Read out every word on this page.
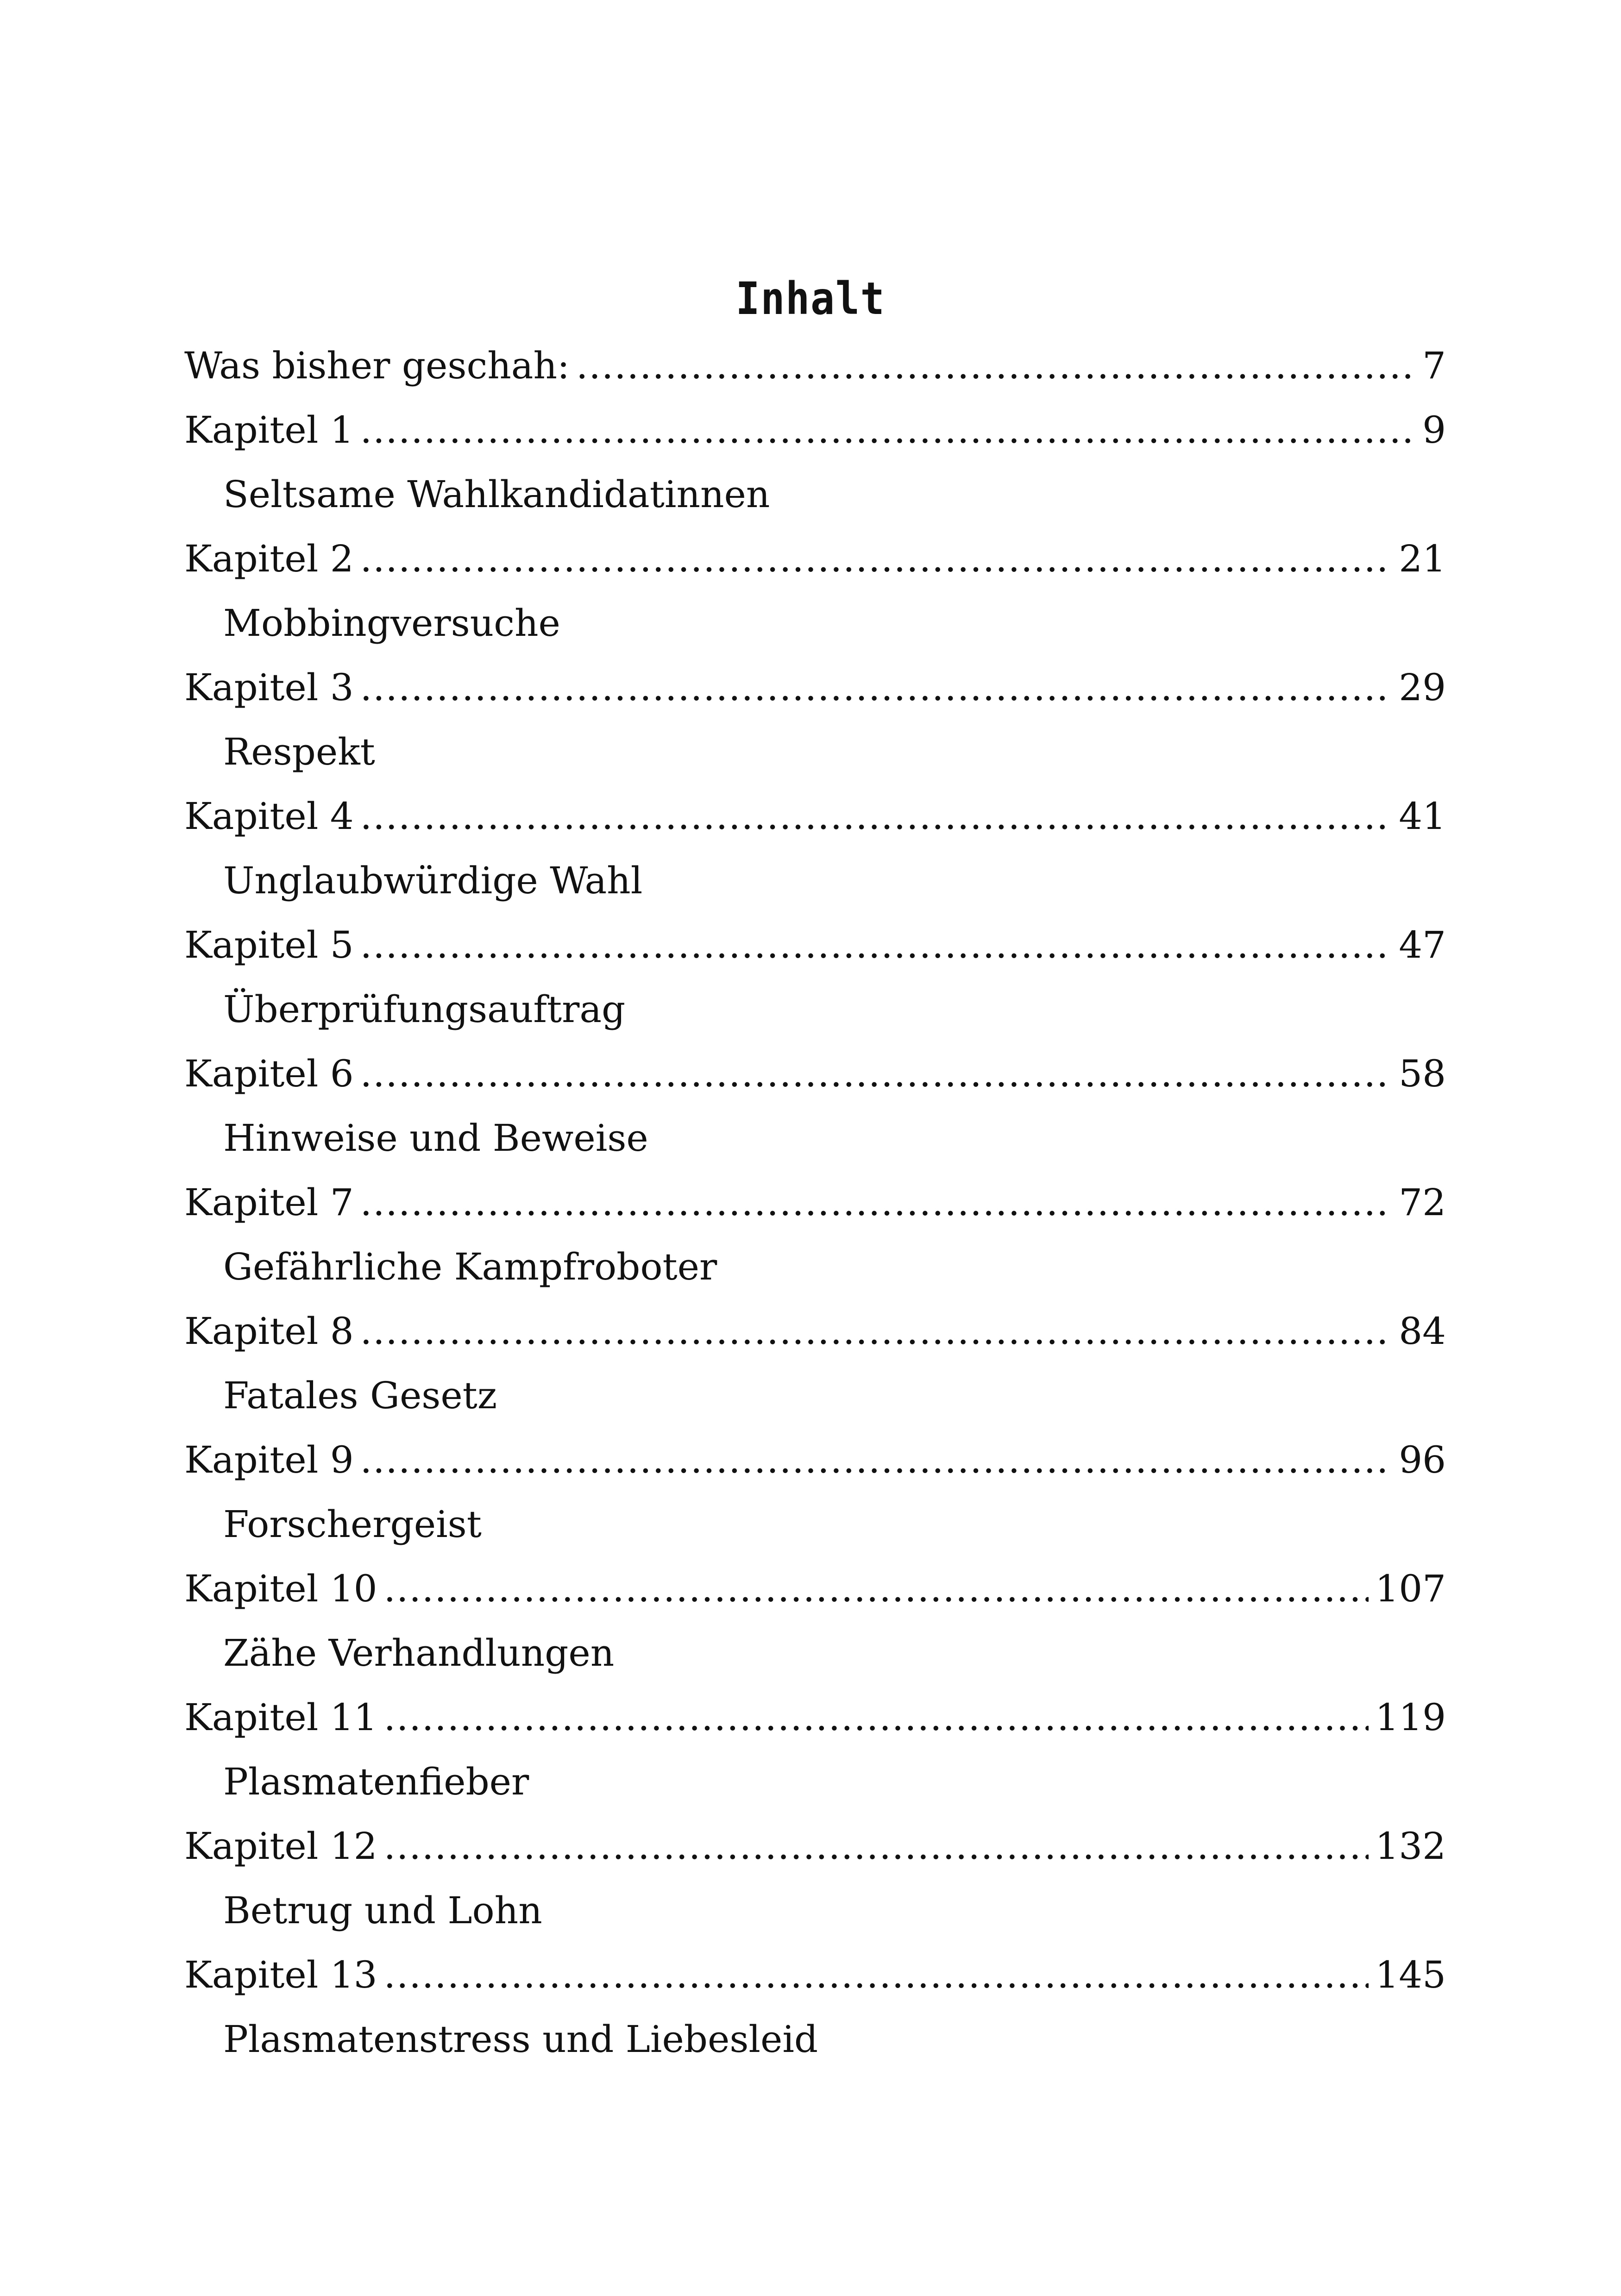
Inhalt
Was bisher geschah: .....	7
Kapitel 1 .....	9
Seltsame Wahlkandidatinnen
Kapitel 2 .....	21
Mobbingversuche
Kapitel 3 .....	29
Respekt
Kapitel 4 .....	41
Unglaubwürdige Wahl
Kapitel 5 .....	47
Überprüfungsauftrag
Kapitel 6 .....	58
Hinweise und Beweise
Kapitel 7 .....	72
Gefährliche Kampfroboter
Kapitel 8 .....	84
Fatales Gesetz
Kapitel 9 .....	96
Forschergeist
Kapitel 10 .....	107
Zähe Verhandlungen
Kapitel 11 .....	119
Plasmatenfieber
Kapitel 12 .....	132
Betrug und Lohn
Kapitel 13 .....	145
Plasmatenstress und Liebesleid
